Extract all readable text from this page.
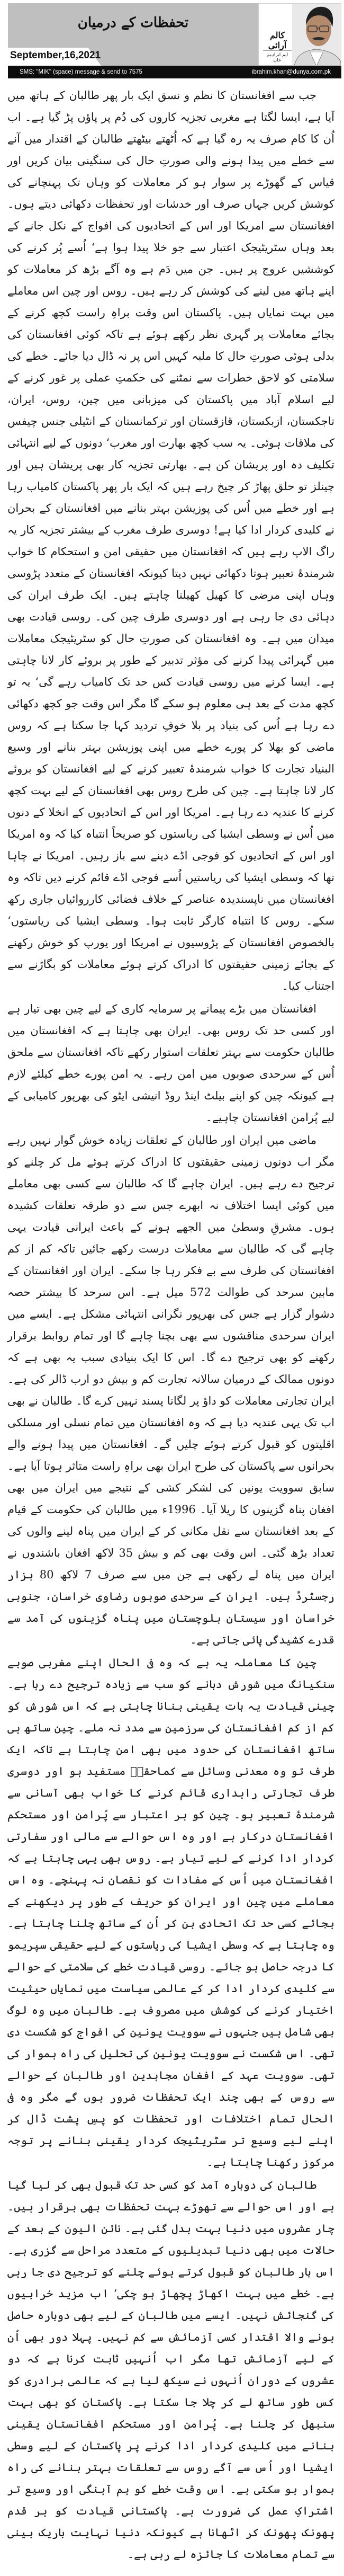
تحفظات کے درمیان
September,16,2021
کالم آرائی
ایم ابراہیم خان
SMS: "MIK" (space) message & send to 7575	ibrahim.khan@dunya.com.pk

جب سے افغانستان کا نظم و نسق ایک بار پھر طالبان کے ہاتھ میں آیا ہے، ایسا لگتا ہے مغربی تجزیہ کاروں کی دُم پر پاؤں پڑ گیا ہے۔ اب اُن کا کام صرف یہ رہ گیا ہے کہ اُٹھتے بیٹھتے طالبان کے اقتدار میں آنے سے خطے میں پیدا ہونے والی صورتِ حال کی سنگینی بیان کریں اور قیاس کے گھوڑے پر سوار ہو کر معاملات کو وہاں تک پہنچانے کی کوشش کریں جہاں صرف اور خدشات اور تحفظات دکھائی دیتے ہوں۔ افغانستان سے امریکا اور اس کے اتحادیوں کی افواج کے نکل جانے کے بعد وہاں سٹریٹیجک اعتبار سے جو خلا پیدا ہوا ہے‘ اُسے پُر کرنے کی کوششیں عروج پر ہیں۔ جن میں دَم ہے وہ آگے بڑھ کر معاملات کو اپنے ہاتھ میں لینے کی کوشش کر رہے ہیں۔ روس اور چین اس معاملے میں بہت نمایاں ہیں۔ پاکستان اس وقت براہِ راست کچھ کرنے کے بجائے معاملات پر گہری نظر رکھے ہوئے ہے تاکہ کوئی افغانستان کی بدلی ہوئی صورتِ حال کا ملبہ کہیں اس پر نہ ڈال دیا جائے۔ خطے کی سلامتی کو لاحق خطرات سے نمٹنے کی حکمتِ عملی پر غور کرنے کے لیے اسلام آباد میں پاکستان کی میزبانی میں چین، روس، ایران، تاجکستان، ازبکستان، قازقستان اور ترکمانستان کے انٹیلی جنس چیفس کی ملاقات ہوئی۔ یہ سب کچھ بھارت اور مغرب‘ دونوں کے لیے انتہائی تکلیف دہ اور پریشان کن ہے۔ بھارتی تجزیہ کار بھی پریشان ہیں اور چینلز تو حلق پھاڑ کر چیخ رہے ہیں کہ ایک بار پھر پاکستان کامیاب رہا ہے اور خطے میں اُس کی پوزیشن بہتر بنانے میں افغانستان کے بحران نے کلیدی کردار ادا کیا ہے! دوسری طرف مغرب کے بیشتر تجزیہ کار یہ راگ الاپ رہے ہیں کہ افغانستان میں حقیقی امن و استحکام کا خواب شرمندۂ تعبیر ہوتا دکھائی نہیں دیتا کیونکہ افغانستان کے متعدد پڑوسی وہاں اپنی مرضی کا کھیل کھیلنا چاہتے ہیں۔ ایک طرف ایران کی دہائی دی جا رہی ہے اور دوسری طرف چین کی۔ روسی قیادت بھی میدان میں ہے۔ وہ افغانستان کی صورتِ حال کو سٹریٹیجک معاملات میں گہرائی پیدا کرنے کی مؤثر تدبیر کے طور پر بروئے کار لانا چاہتی ہے۔ ایسا کرنے میں روسی قیادت کس حد تک کامیاب رہے گی‘ یہ تو کچھ مدت کے بعد ہی معلوم ہو سکے گا مگر اس وقت جو کچھ دکھائی دے رہا ہے اُس کی بنیاد پر بلا خوفِ تردید کہا جا سکتا ہے کہ روس ماضی کو بھلا کر پورے خطے میں اپنی پوزیشن بہتر بنانے اور وسیع البنیاد تجارت کا خواب شرمندۂ تعبیر کرنے کے لیے افغانستان کو بروئے کار لانا چاہتا ہے۔ چین کی طرح روس بھی افغانستان کے لیے بہت کچھ کرنے کا عندیہ دے رہا ہے۔ امریکا اور اس کے اتحادیوں کے انخلا کے دنوں میں اُس نے وسطی ایشیا کی ریاستوں کو صریحاً انتباہ کیا کہ وہ امریکا اور اس کے اتحادیوں کو فوجی اڈے دینے سے باز رہیں۔ امریکا نے چاہا تھا کہ وسطی ایشیا کی ریاستیں اُسے فوجی اڈے قائم کرنے دیں تاکہ وہ افغانستان میں ناپسندیدہ عناصر کے خلاف فضائی کارروائیاں جاری رکھ سکے۔ روس کا انتباہ کارگر ثابت ہوا۔ وسطی ایشیا کی ریاستوں‘ بالخصوص افغانستان کے پڑوسیوں نے امریکا اور یورپ کو خوش رکھنے کے بجائے زمینی حقیقتوں کا ادراک کرتے ہوئے معاملات کو بگاڑنے سے اجتناب کیا۔

افغانستان میں بڑے پیمانے پر سرمایہ کاری کے لیے چین بھی تیار ہے اور کسی حد تک روس بھی۔ ایران بھی چاہتا ہے کہ افغانستان میں طالبان حکومت سے بہتر تعلقات استوار رکھے تاکہ افغانستان سے ملحق اُس کے سرحدی صوبوں میں امن رہے۔ یہ امن پورے خطے کیلئے لازم ہے کیونکہ چین کو اپنے بیلٹ اینڈ روڈ انیشی ایٹو کی بھرپور کامیابی کے لیے پُرامن افغانستان چاہیے۔

ماضی میں ایران اور طالبان کے تعلقات زیادہ خوش گوار نہیں رہے مگر اب دونوں زمینی حقیقتوں کا ادراک کرتے ہوئے مل کر چلنے کو ترجیح دے رہے ہیں۔ ایران چاہے گا کہ طالبان سے کسی بھی معاملے میں کوئی ایسا اختلاف نہ ابھرے جس سے دو طرفہ تعلقات کشیدہ ہوں۔ مشرقِ وسطیٰ میں الجھے ہونے کے باعث ایرانی قیادت یہی چاہے گی کہ طالبان سے معاملات درست رکھے جائیں تاکہ کم از کم افغانستان کی طرف سے بے فکر رہا جا سکے۔ ایران اور افغانستان کے مابین سرحد کی طوالت 572 میل ہے۔ اس سرحد کا بیشتر حصہ دشوار گزار ہے جس کی بھرپور نگرانی انتہائی مشکل ہے۔ ایسے میں ایران سرحدی مناقشوں سے بھی بچنا چاہے گا اور تمام روابط برقرار رکھنے کو بھی ترجیح دے گا۔ اس کا ایک بنیادی سبب یہ بھی ہے کہ دونوں ممالک کے درمیان سالانہ تجارت کم و بیش دو ارب ڈالر کی ہے۔ ایران تجارتی معاملات کو داؤ پر لگانا پسند نہیں کرے گا۔ طالبان نے بھی اب تک یہی عندیہ دیا ہے کہ وہ افغانستان میں تمام نسلی اور مسلکی اقلیتوں کو قبول کرتے ہوئے چلیں گے۔ افغانستان میں پیدا ہونے والے بحرانوں سے پاکستان کی طرح ایران بھی براہِ راست متاثر ہوتا آیا ہے۔ سابق سوویت یونین کی لشکر کشی کے نتیجے میں ایران میں بھی افغان پناہ گزینوں کا ریلا آیا۔ 1996ء میں طالبان کی حکومت کے قیام کے بعد افغانستان سے نقل مکانی کر کے ایران میں پناہ لینے والوں کی تعداد بڑھ گئی۔ اس وقت بھی کم و بیش 35 لاکھ افغان باشندوں نے ایران میں پناہ لے رکھی ہے جن میں سے صرف 7 لاکھ 80 ہزار رجسٹرڈ ہیں۔ ایران کے سرحدی صوبوں رضاوی خراسان، جنوبی خراسان اور سیستان بلوچستان میں پناہ گزینوں کی آمد سے قدرے کشیدگی پائی جاتی ہے۔

چین کا معاملہ یہ ہے کہ وہ فی الحال اپنے مغربی صوبے سنکیانگ میں شورش دبانے کو سب سے زیادہ ترجیح دے رہا ہے۔ چینی قیادت یہ بات یقینی بنانا چاہتی ہے کہ اس شورش کو کم از کم افغانستان کی سرزمین سے مدد نہ ملے۔ چین ساتھ ہی ساتھ افغانستان کی حدود میں بھی امن چاہتا ہے تاکہ ایک طرف تو وہ معدنی وسائل سے کماحقہٗ مستفید ہو اور دوسری طرف تجارتی راہداری قائم کرنے کا خواب بھی آسانی سے شرمندۂ تعبیر ہو۔ چین کو ہر اعتبار سے پُرامن اور مستحکم افغانستان درکار ہے اور وہ اس حوالے سے مالی اور سفارتی کردار ادا کرنے کے لیے تیار ہے۔ روس بھی یہی چاہتا ہے کہ افغانستان میں اُس کے مفادات کو نقصان نہ پہنچے۔ وہ اس معاملے میں چین اور ایران کو حریف کے طور پر دیکھنے کے بجائے کسی حد تک اتحادی بن کر اُن کے ساتھ چلنا چاہتا ہے۔ وہ چاہتا ہے کہ وسطی ایشیا کی ریاستوں کے لیے حقیقی سپریمو کا درجہ حاصل ہو جائے۔ روسی قیادت خطے کی سلامتی کے حوالے سے کلیدی کردار ادا کر کے عالمی سیاست میں نمایاں حیثیت اختیار کرنے کی کوشش میں مصروف ہے۔ طالبان میں وہ لوگ بھی شامل ہیں جنہوں نے سوویت یونین کی افواج کو شکست دی تھی۔ اس شکست نے سوویت یونین کی تحلیل کی راہ ہموار کی تھی۔ سوویت عہد کے افغان مجاہدین اور طالبان کے حوالے سے روس کے بھی چند ایک تحفظات ضرور ہوں گے مگر وہ فی الحال تمام اختلافات اور تحفظات کو پسِ پشت ڈال کر اپنے لیے وسیع تر سٹریٹیجک کردار یقینی بنانے پر توجہ مرکوز رکھنا چاہتا ہے۔

طالبان کی دوبارہ آمد کو کسی حد تک قبول بھی کر لیا گیا ہے اور اس حوالے سے تھوڑے بہت تحفظات بھی برقرار ہیں۔ چار عشروں میں دنیا بہت بدل گئی ہے۔ نائن الیون کے بعد کے حالات میں بھی دنیا تبدیلیوں کے متعدد مراحل سے گزری ہے۔ اس بار طالبان کو قبول کرتے ہوئے چلنے کو ترجیح دی جا رہی ہے۔ خطے میں بہت اکھاڑ پچھاڑ ہو چکی‘ اب مزید خرابیوں کی گنجائش نہیں۔ ایسے میں طالبان کے لیے بھی دوبارہ حاصل ہونے والا اقتدار کسی آزمائش سے کم نہیں۔ پہلا دور بھی اُن کے لیے آزمائش تھا مگر اب اُنہیں ثابت کرنا ہے کہ دو عشروں کے دوران اُنہوں نے سیکھ لیا ہے کہ عالمی برادری کو کس طور ساتھ لے کر چلا جا سکتا ہے۔ پاکستان کو بھی بہت سنبھل کر چلنا ہے۔ پُرامن اور مستحکم افغانستان یقینی بنانے میں کلیدی کردار ادا کرنے پر پاکستان کے لیے وسطی ایشیا اور اُس سے آگے روس سے تعلقات بہتر بنانے کی راہ ہموار ہو سکتی ہے۔ اس وقت خطے کو ہم آہنگی اور وسیع تر اشتراکِ عمل کی ضرورت ہے۔ پاکستانی قیادت کو ہر قدم پھونک پھونک کر اٹھانا ہے کیونکہ دنیا نہایت باریک بینی سے تمام معاملات کا جائزہ لے رہی ہے۔
